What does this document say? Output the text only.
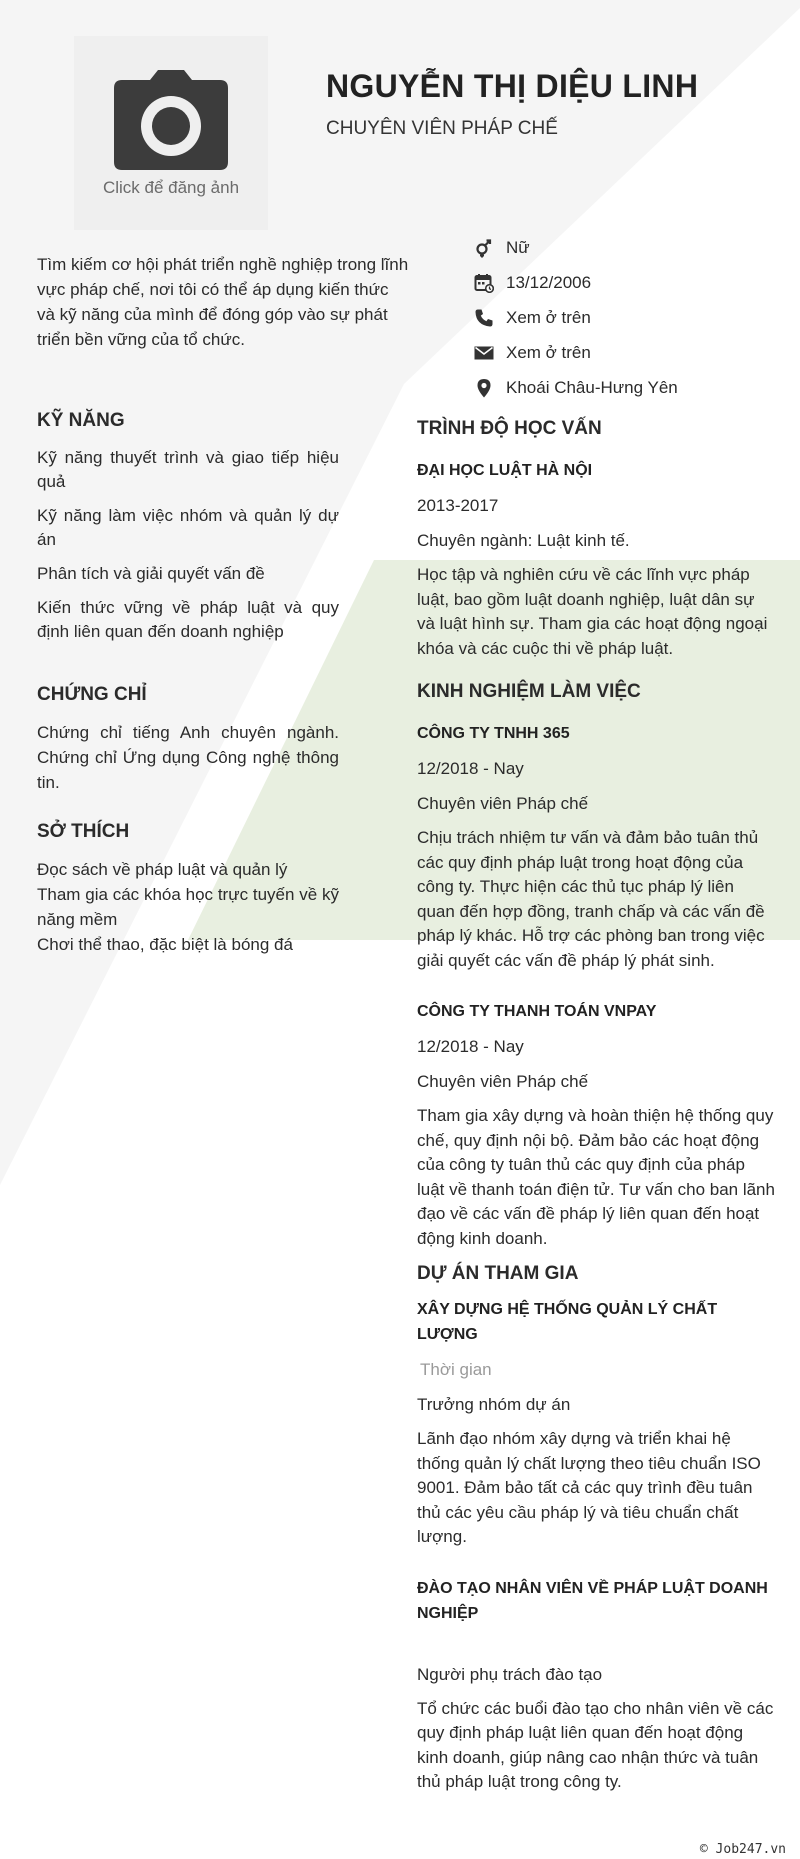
Click để đăng ảnh
NGUYỄN THỊ DIỆU LINH
CHUYÊN VIÊN PHÁP CHẾ
Tìm kiếm cơ hội phát triển nghề nghiệp trong lĩnh vực pháp chế, nơi tôi có thể áp dụng kiến thức và kỹ năng của mình để đóng góp vào sự phát triển bền vững của tổ chức.
Nữ
13/12/2006
Xem ở trên
Xem ở trên
Khoái Châu-Hưng Yên
KỸ NĂNG
Kỹ năng thuyết trình và giao tiếp hiệu quả
Kỹ năng làm việc nhóm và quản lý dự án
Phân tích và giải quyết vấn đề
Kiến thức vững về pháp luật và quy định liên quan đến doanh nghiệp
CHỨNG CHỈ
Chứng chỉ tiếng Anh chuyên ngành. Chứng chỉ Ứng dụng Công nghệ thông tin.
SỞ THÍCH
Đọc sách về pháp luật và quản lý
Tham gia các khóa học trực tuyến về kỹ năng mềm
Chơi thể thao, đặc biệt là bóng đá
TRÌNH ĐỘ HỌC VẤN
ĐẠI HỌC LUẬT HÀ NỘI
2013-2017
Chuyên ngành: Luật kinh tế.
Học tập và nghiên cứu về các lĩnh vực pháp luật, bao gồm luật doanh nghiệp, luật dân sự và luật hình sự. Tham gia các hoạt động ngoại khóa và các cuộc thi về pháp luật.
KINH NGHIỆM LÀM VIỆC
CÔNG TY TNHH 365
12/2018 - Nay
Chuyên viên Pháp chế
Chịu trách nhiệm tư vấn và đảm bảo tuân thủ các quy định pháp luật trong hoạt động của công ty. Thực hiện các thủ tục pháp lý liên quan đến hợp đồng, tranh chấp và các vấn đề pháp lý khác. Hỗ trợ các phòng ban trong việc giải quyết các vấn đề pháp lý phát sinh.
CÔNG TY THANH TOÁN VNPAY
12/2018 - Nay
Chuyên viên Pháp chế
Tham gia xây dựng và hoàn thiện hệ thống quy chế, quy định nội bộ. Đảm bảo các hoạt động của công ty tuân thủ các quy định của pháp luật về thanh toán điện tử. Tư vấn cho ban lãnh đạo về các vấn đề pháp lý liên quan đến hoạt động kinh doanh.
DỰ ÁN THAM GIA
XÂY DỰNG HỆ THỐNG QUẢN LÝ CHẤT LƯỢNG
Thời gian
Trưởng nhóm dự án
Lãnh đạo nhóm xây dựng và triển khai hệ thống quản lý chất lượng theo tiêu chuẩn ISO 9001. Đảm bảo tất cả các quy trình đều tuân thủ các yêu cầu pháp lý và tiêu chuẩn chất lượng.
ĐÀO TẠO NHÂN VIÊN VỀ PHÁP LUẬT DOANH NGHIỆP
Người phụ trách đào tạo
Tổ chức các buổi đào tạo cho nhân viên về các quy định pháp luật liên quan đến hoạt động kinh doanh, giúp nâng cao nhận thức và tuân thủ pháp luật trong công ty.
© Job247.vn
